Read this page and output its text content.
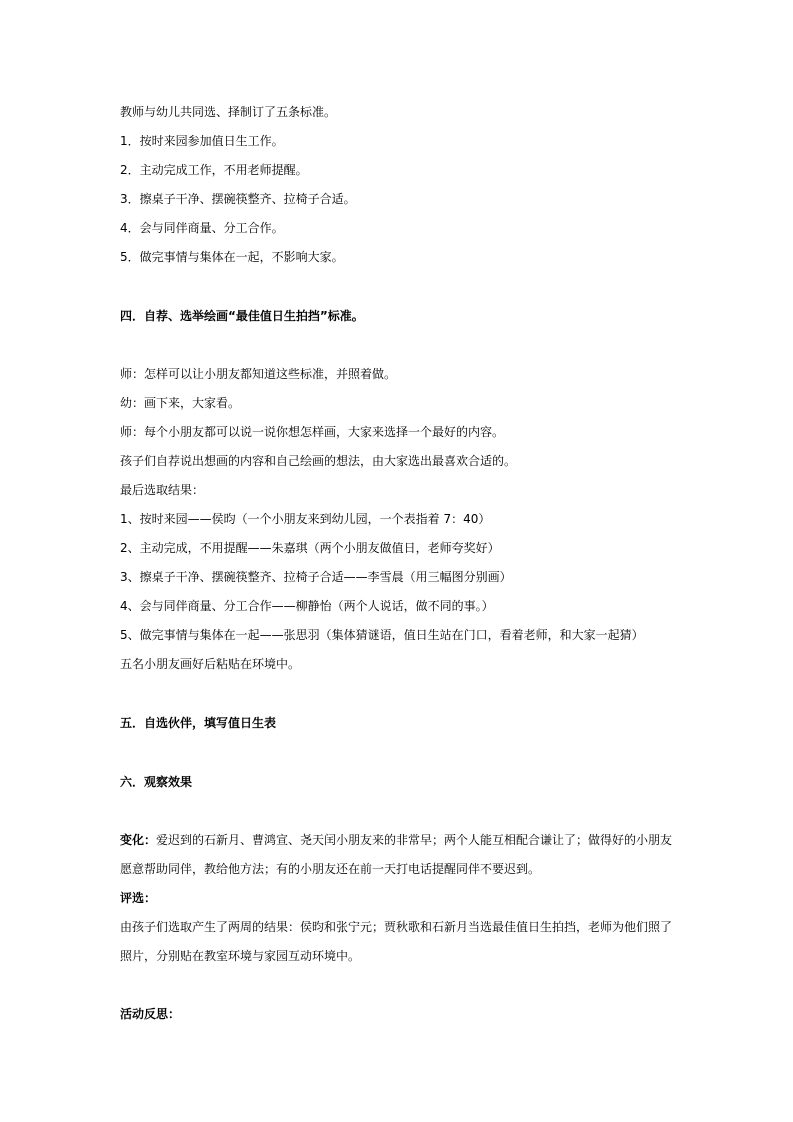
教师与幼儿共同选、择制订了五条标准。
1．按时来园参加值日生工作。
2．主动完成工作，不用老师提醒。
3．擦桌子干净、摆碗筷整齐、拉椅子合适。
4．会与同伴商量、分工合作。
5．做完事情与集体在一起，不影响大家。
四．自荐、选举绘画“最佳值日生拍挡”标准。
师：怎样可以让小朋友都知道这些标准，并照着做。
幼：画下来，大家看。
师：每个小朋友都可以说一说你想怎样画，大家来选择一个最好的内容。
孩子们自荐说出想画的内容和自己绘画的想法，由大家选出最喜欢合适的。
最后选取结果：
1、按时来园——侯昀（一个小朋友来到幼儿园，一个表指着 7：40）
2、主动完成，不用提醒——朱嘉琪（两个小朋友做值日，老师夸奖好）
3、擦桌子干净、摆碗筷整齐、拉椅子合适——李雪晨（用三幅图分别画）
4、会与同伴商量、分工合作——柳静怡（两个人说话，做不同的事。）
5、做完事情与集体在一起——张思羽（集体猜谜语，值日生站在门口，看着老师，和大家一起猜）
五名小朋友画好后粘贴在环境中。
五．自选伙伴，填写值日生表
六．观察效果
变化：爱迟到的石新月、曹鸿宣、尧天闰小朋友来的非常早；两个人能互相配合谦让了；做得好的小朋友
愿意帮助同伴，教给他方法；有的小朋友还在前一天打电话提醒同伴不要迟到。
评选：
由孩子们选取产生了两周的结果：侯昀和张宁元；贾秋歌和石新月当选最佳值日生拍挡，老师为他们照了
照片，分别贴在教室环境与家园互动环境中。
活动反思：
